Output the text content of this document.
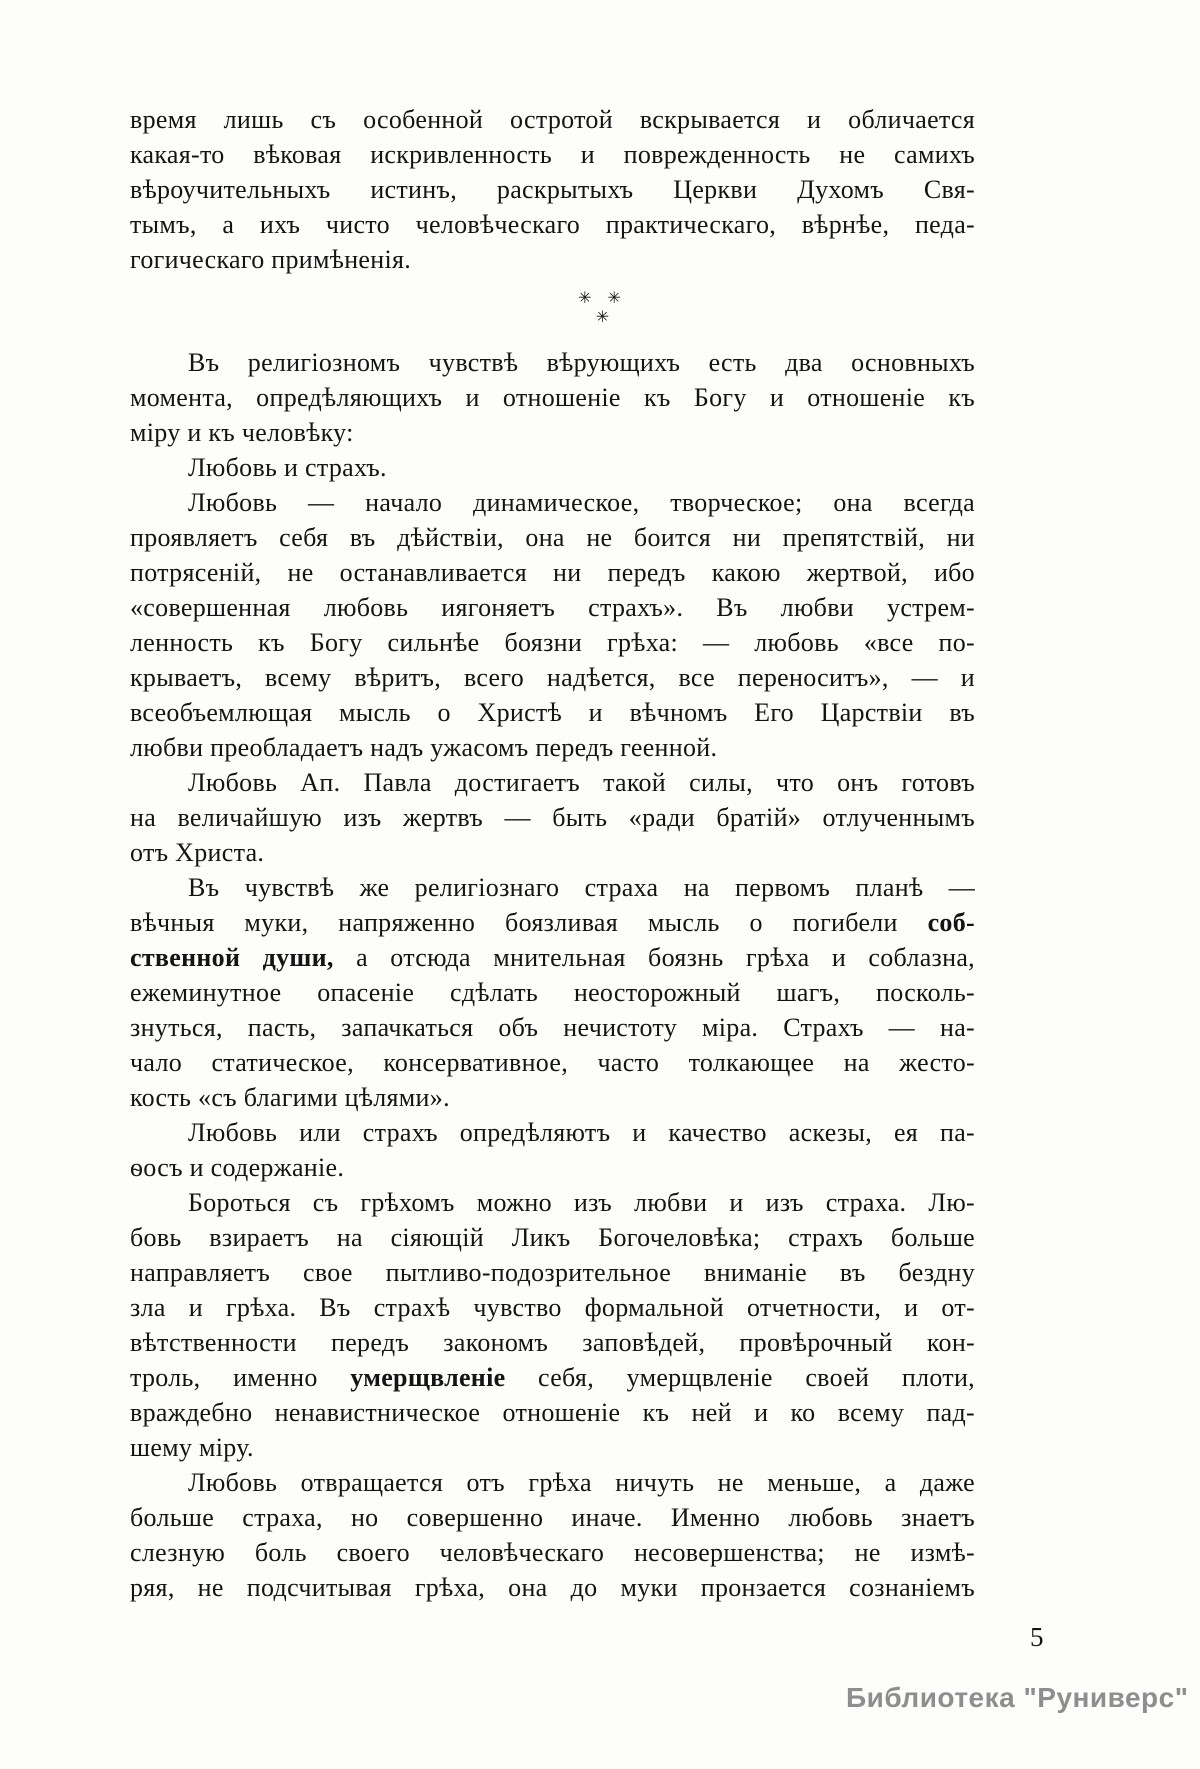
время лишь съ особенной остротой вскрывается и обличается
какая-то вѣковая искривленность и поврежденность не самихъ
вѣроучительныхъ истинъ, раскрытыхъ Церкви Духомъ Свя-
тымъ, а ихъ чисто человѣческаго практическаго, вѣрнѣе, педа-
гогическаго примѣненія.

✳ ✳
✳

Въ религіозномъ чувствѣ вѣрующихъ есть два основныхъ
момента, опредѣляющихъ и отношеніе къ Богу и отношеніе къ
міру и къ человѣку:

Любовь и страхъ.

Любовь — начало динамическое, творческое; она всегда
проявляетъ себя въ дѣйствіи, она не боится ни препятствій, ни
потрясеній, не останавливается ни передъ какою жертвой, ибо
«совершенная любовь иягоняетъ страхъ». Въ любви устрем-
ленность къ Богу сильнѣе боязни грѣха: — любовь «все по-
крываетъ, всему вѣритъ, всего надѣется, все переноситъ», — и
всеобъемлющая мысль о Христѣ и вѣчномъ Его Царствіи въ
любви преобладаетъ надъ ужасомъ передъ геенной.

Любовь Ап. Павла достигаетъ такой силы, что онъ готовъ
на величайшую изъ жертвъ — быть «ради братій» отлученнымъ
отъ Христа.

Въ чувствѣ же религіознаго страха на первомъ планѣ —
вѣчныя муки, напряженно боязливая мысль о погибели соб-
ственной души, а отсюда мнительная боязнь грѣха и соблазна,
ежеминутное опасеніе сдѣлать неосторожный шагъ, посколь-
знуться, пасть, запачкаться объ нечистоту міра. Страхъ — на-
чало статическое, консервативное, часто толкающее на жесто-
кость «съ благими цѣлями».

Любовь или страхъ опредѣляютъ и качество аскезы, ея па-
ѳосъ и содержаніе.

Бороться съ грѣхомъ можно изъ любви и изъ страха. Лю-
бовь взираетъ на сіяющій Ликъ Богочеловѣка; страхъ больше
направляетъ свое пытливо-подозрительное вниманіе въ бездну
зла и грѣха. Въ страхѣ чувство формальной отчетности, и от-
вѣтственности передъ закономъ заповѣдей, провѣрочный кон-
троль, именно умерщвленіе себя, умерщвленіе своей плоти,
враждебно ненавистническое отношеніе къ ней и ко всему пад-
шему міру.

Любовь отвращается отъ грѣха ничуть не меньше, а даже
больше страха, но совершенно иначе. Именно любовь знаетъ
слезную боль своего человѣческаго несовершенства; не измѣ-
ряя, не подсчитывая грѣха, она до муки пронзается сознаніемъ

5
Библиотека "Руниверс"
